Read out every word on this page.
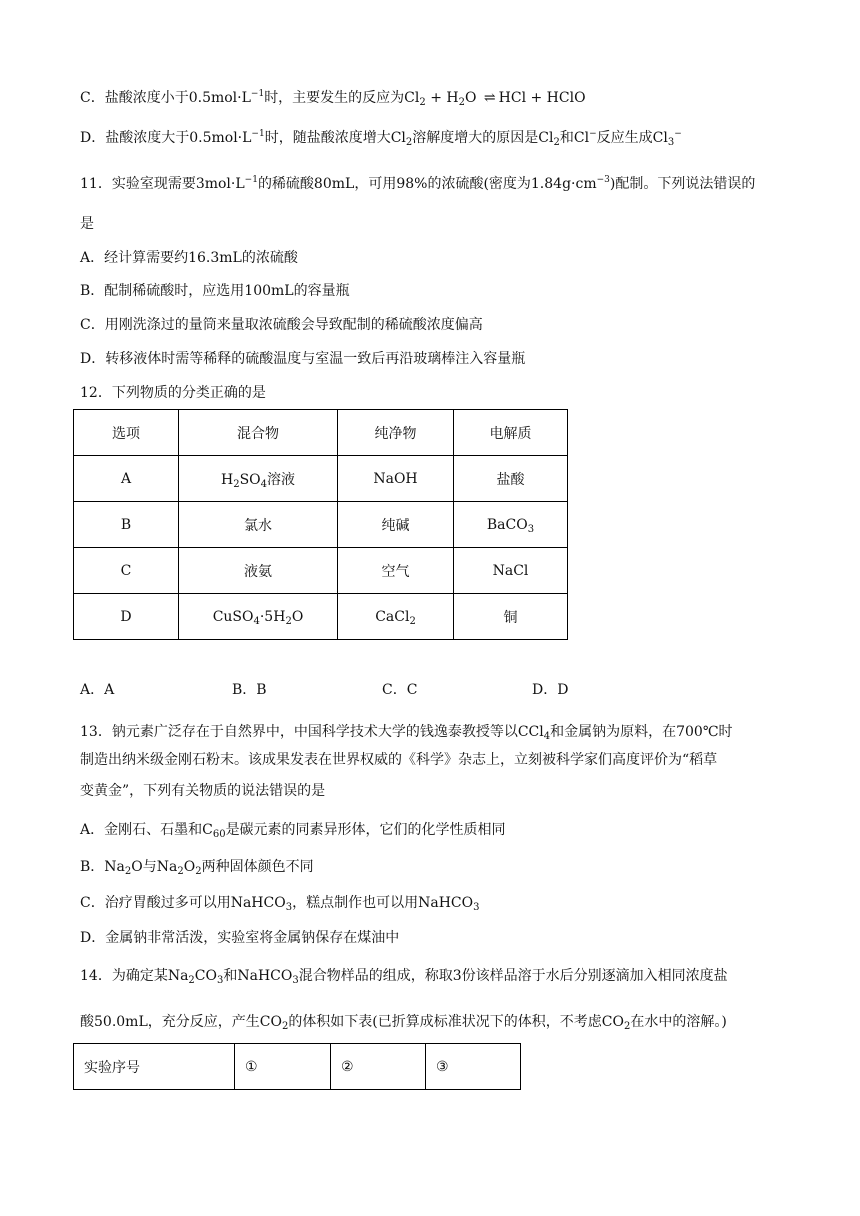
C．盐酸浓度小于$0.5mol\cdot L^{-1}$时，主要发生的反应为$Cl_2 + H_2O$ ⇌ HCl + HClO
D．盐酸浓度大于$0.5mol\cdot L^{-1}$时，随盐酸浓度增大$Cl_2$溶解度增大的原因是$Cl_2$和Cl−反应生成$Cl_3^-$
11．实验室现需要$3mol\cdot L^{-1}$的稀硫酸80mL，可用98%的浓硫酸(密度为$1.84g\cdot cm^{-3}$)配制。下列说法错误的
是
A．经计算需要约16.3mL的浓硫酸
B．配制稀硫酸时，应选用100mL的容量瓶
C．用刚洗涤过的量筒来量取浓硫酸会导致配制的稀硫酸浓度偏高
D．转移液体时需等稀释的硫酸温度与室温一致后再沿玻璃棒注入容量瓶
12．下列物质的分类正确的是
选项	混合物	纯净物	电解质
A	$H_2SO_4$溶液	NaOH	盐酸
B	氯水	纯碱	BaCO$_3$
C	液氨	空气	NaCl
D	$CuSO_4\cdot 5H_2O$	CaCl$_2$	铜
A．A	B．B	C．C	D．D
13．钠元素广泛存在于自然界中，中国科学技术大学的钱逸泰教授等以CCl$_4$和金属钠为原料，在700℃时
制造出纳米级金刚石粉末。该成果发表在世界权威的《科学》杂志上，立刻被科学家们高度评价为“稻草
变黄金”，下列有关物质的说法错误的是
A．金刚石、石墨和$C_{60}$是碳元素的同素异形体，它们的化学性质相同
B．$Na_2O$与$Na_2O_2$两种固体颜色不同
C．治疗胃酸过多可以用NaHCO$_3$，糕点制作也可以用NaHCO$_3$
D．金属钠非常活泼，实验室将金属钠保存在煤油中
14．为确定某$Na_2CO_3$和NaHCO$_3$混合物样品的组成，称取3份该样品溶于水后分别逐滴加入相同浓度盐
酸50.0mL，充分反应，产生$CO_2$的体积如下表(已折算成标准状况下的体积，不考虑$CO_2$在水中的溶解。)
实验序号	①	②	③
